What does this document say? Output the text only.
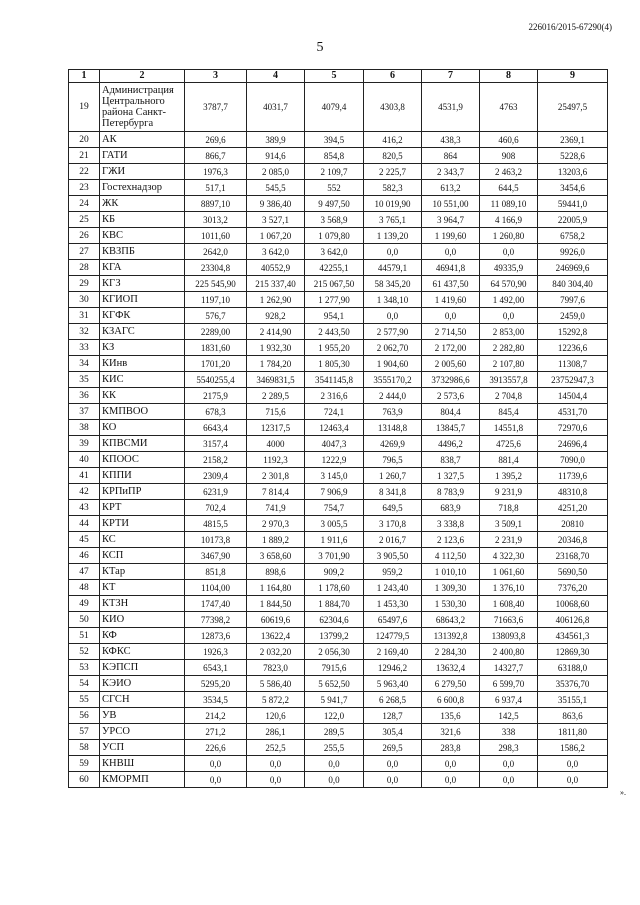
226016/2015-67290(4)
5
1	2	3	4	5	6	7	8	9
19	Администрация Центрального района Санкт-Петербурга	3787,7	4031,7	4079,4	4303,8	4531,9	4763	25497,5
20	АК	269,6	389,9	394,5	416,2	438,3	460,6	2369,1
21	ГАТИ	866,7	914,6	854,8	820,5	864	908	5228,6
22	ГЖИ	1976,3	2 085,0	2 109,7	2 225,7	2 343,7	2 463,2	13203,6
23	Гостехнадзор	517,1	545,5	552	582,3	613,2	644,5	3454,6
24	ЖК	8897,10	9 386,40	9 497,50	10 019,90	10 551,00	11 089,10	59441,0
25	КБ	3013,2	3 527,1	3 568,9	3 765,1	3 964,7	4 166,9	22005,9
26	КВС	1011,60	1 067,20	1 079,80	1 139,20	1 199,60	1 260,80	6758,2
27	КВЗПБ	2642,0	3 642,0	3 642,0	0,0	0,0	0,0	9926,0
28	КГА	23304,8	40552,9	42255,1	44579,1	46941,8	49335,9	246969,6
29	КГЗ	225 545,90	215 337,40	215 067,50	58 345,20	61 437,50	64 570,90	840 304,40
30	КГИОП	1197,10	1 262,90	1 277,90	1 348,10	1 419,60	1 492,00	7997,6
31	КГФК	576,7	928,2	954,1	0,0	0,0	0,0	2459,0
32	КЗАГС	2289,00	2 414,90	2 443,50	2 577,90	2 714,50	2 853,00	15292,8
33	КЗ	1831,60	1 932,30	1 955,20	2 062,70	2 172,00	2 282,80	12236,6
34	КИнв	1701,20	1 784,20	1 805,30	1 904,60	2 005,60	2 107,80	11308,7
35	КИС	5540255,4	3469831,5	3541145,8	3555170,2	3732986,6	3913557,8	23752947,3
36	КК	2175,9	2 289,5	2 316,6	2 444,0	2 573,6	2 704,8	14504,4
37	КМПВОО	678,3	715,6	724,1	763,9	804,4	845,4	4531,70
38	КО	6643,4	12317,5	12463,4	13148,8	13845,7	14551,8	72970,6
39	КПВСМИ	3157,4	4000	4047,3	4269,9	4496,2	4725,6	24696,4
40	КПООС	2158,2	1192,3	1222,9	796,5	838,7	881,4	7090,0
41	КППИ	2309,4	2 301,8	3 145,0	1 260,7	1 327,5	1 395,2	11739,6
42	КРПиПР	6231,9	7 814,4	7 906,9	8 341,8	8 783,9	9 231,9	48310,8
43	КРТ	702,4	741,9	754,7	649,5	683,9	718,8	4251,20
44	КРТИ	4815,5	2 970,3	3 005,5	3 170,8	3 338,8	3 509,1	20810
45	КС	10173,8	1 889,2	1 911,6	2 016,7	2 123,6	2 231,9	20346,8
46	КСП	3467,90	3 658,60	3 701,90	3 905,50	4 112,50	4 322,30	23168,70
47	КТар	851,8	898,6	909,2	959,2	1 010,10	1 061,60	5690,50
48	КТ	1104,00	1 164,80	1 178,60	1 243,40	1 309,30	1 376,10	7376,20
49	КТЗН	1747,40	1 844,50	1 884,70	1 453,30	1 530,30	1 608,40	10068,60
50	КИО	77398,2	60619,6	62304,6	65497,6	68643,2	71663,6	406126,8
51	КФ	12873,6	13622,4	13799,2	124779,5	131392,8	138093,8	434561,3
52	КФКС	1926,3	2 032,20	2 056,30	2 169,40	2 284,30	2 400,80	12869,30
53	КЭПСП	6543,1	7823,0	7915,6	12946,2	13632,4	14327,7	63188,0
54	КЭИО	5295,20	5 586,40	5 652,50	5 963,40	6 279,50	6 599,70	35376,70
55	СГСН	3534,5	5 872,2	5 941,7	6 268,5	6 600,8	6 937,4	35155,1
56	УВ	214,2	120,6	122,0	128,7	135,6	142,5	863,6
57	УРСО	271,2	286,1	289,5	305,4	321,6	338	1811,80
58	УСП	226,6	252,5	255,5	269,5	283,8	298,3	1586,2
59	КНВШ	0,0	0,0	0,0	0,0	0,0	0,0	0,0
60	КМОРМП	0,0	0,0	0,0	0,0	0,0	0,0	0,0
».
